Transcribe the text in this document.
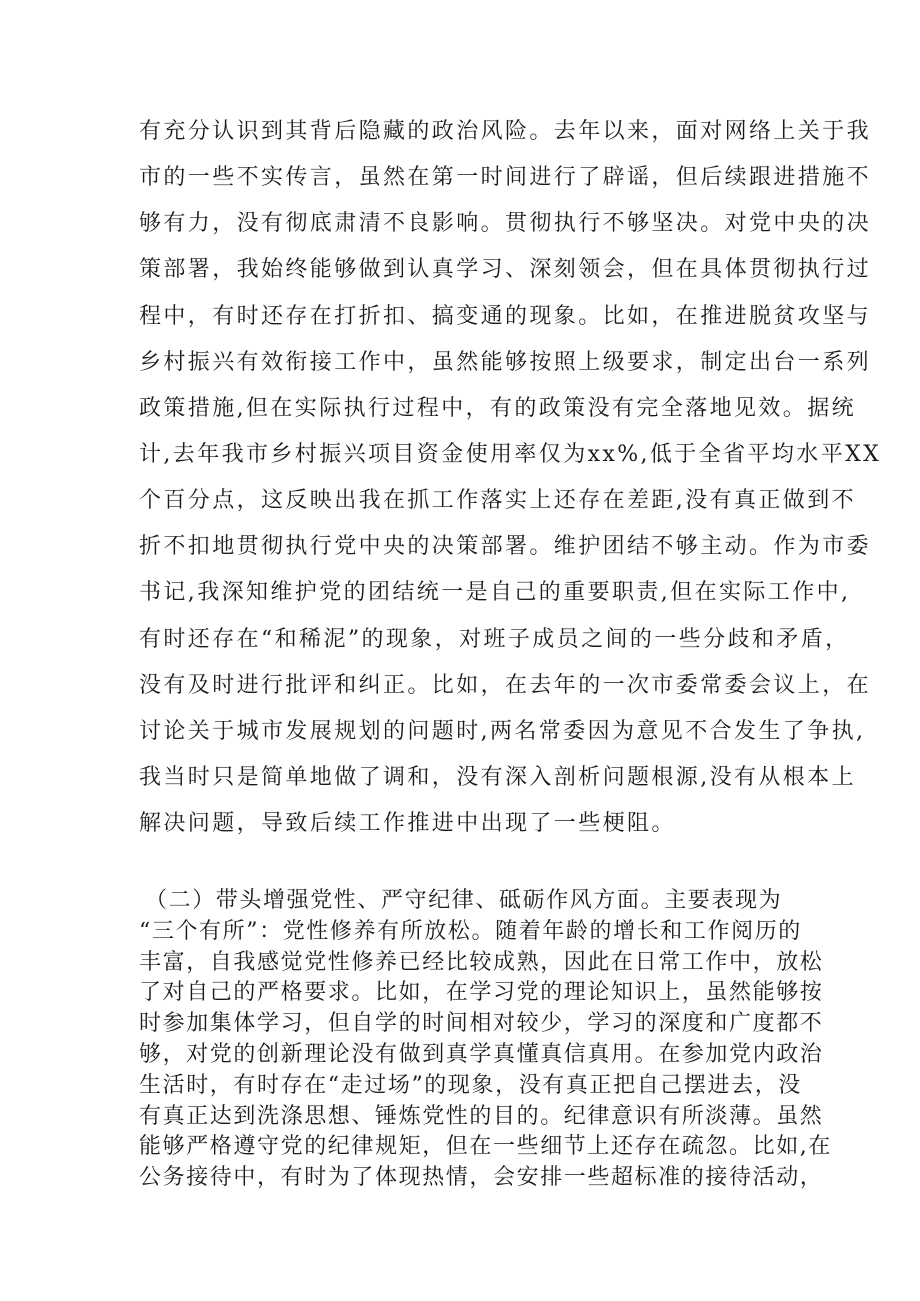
有充分认识到其背后隐藏的政治风险。去年以来，面对网络上关于我
市的一些不实传言，虽然在第一时间进行了辟谣，但后续跟进措施不
够有力，没有彻底肃清不良影响。贯彻执行不够坚决。对党中央的决
策部署，我始终能够做到认真学习、深刻领会，但在具体贯彻执行过
程中，有时还存在打折扣、搞变通的现象。比如，在推进脱贫攻坚与
乡村振兴有效衔接工作中，虽然能够按照上级要求，制定出台一系列
政策措施,但在实际执行过程中，有的政策没有完全落地见效。据统
计,去年我市乡村振兴项目资金使用率仅为xx%,低于全省平均水平XX
个百分点，这反映出我在抓工作落实上还存在差距,没有真正做到不
折不扣地贯彻执行党中央的决策部署。维护团结不够主动。作为市委
书记,我深知维护党的团结统一是自己的重要职责,但在实际工作中,
有时还存在“和稀泥”的现象，对班子成员之间的一些分歧和矛盾，
没有及时进行批评和纠正。比如，在去年的一次市委常委会议上，在
讨论关于城市发展规划的问题时,两名常委因为意见不合发生了争执,
我当时只是简单地做了调和，没有深入剖析问题根源,没有从根本上
解决问题，导致后续工作推进中出现了一些梗阻。
（二）带头增强党性、严守纪律、砥砺作风方面。主要表现为
“三个有所”：党性修养有所放松。随着年龄的增长和工作阅历的
丰富，自我感觉党性修养已经比较成熟，因此在日常工作中，放松
了对自己的严格要求。比如，在学习党的理论知识上，虽然能够按
时参加集体学习，但自学的时间相对较少，学习的深度和广度都不
够，对党的创新理论没有做到真学真懂真信真用。在参加党内政治
生活时，有时存在“走过场”的现象，没有真正把自己摆进去，没
有真正达到洗涤思想、锤炼党性的目的。纪律意识有所淡薄。虽然
能够严格遵守党的纪律规矩，但在一些细节上还存在疏忽。比如,在
公务接待中，有时为了体现热情，会安排一些超标准的接待活动，
